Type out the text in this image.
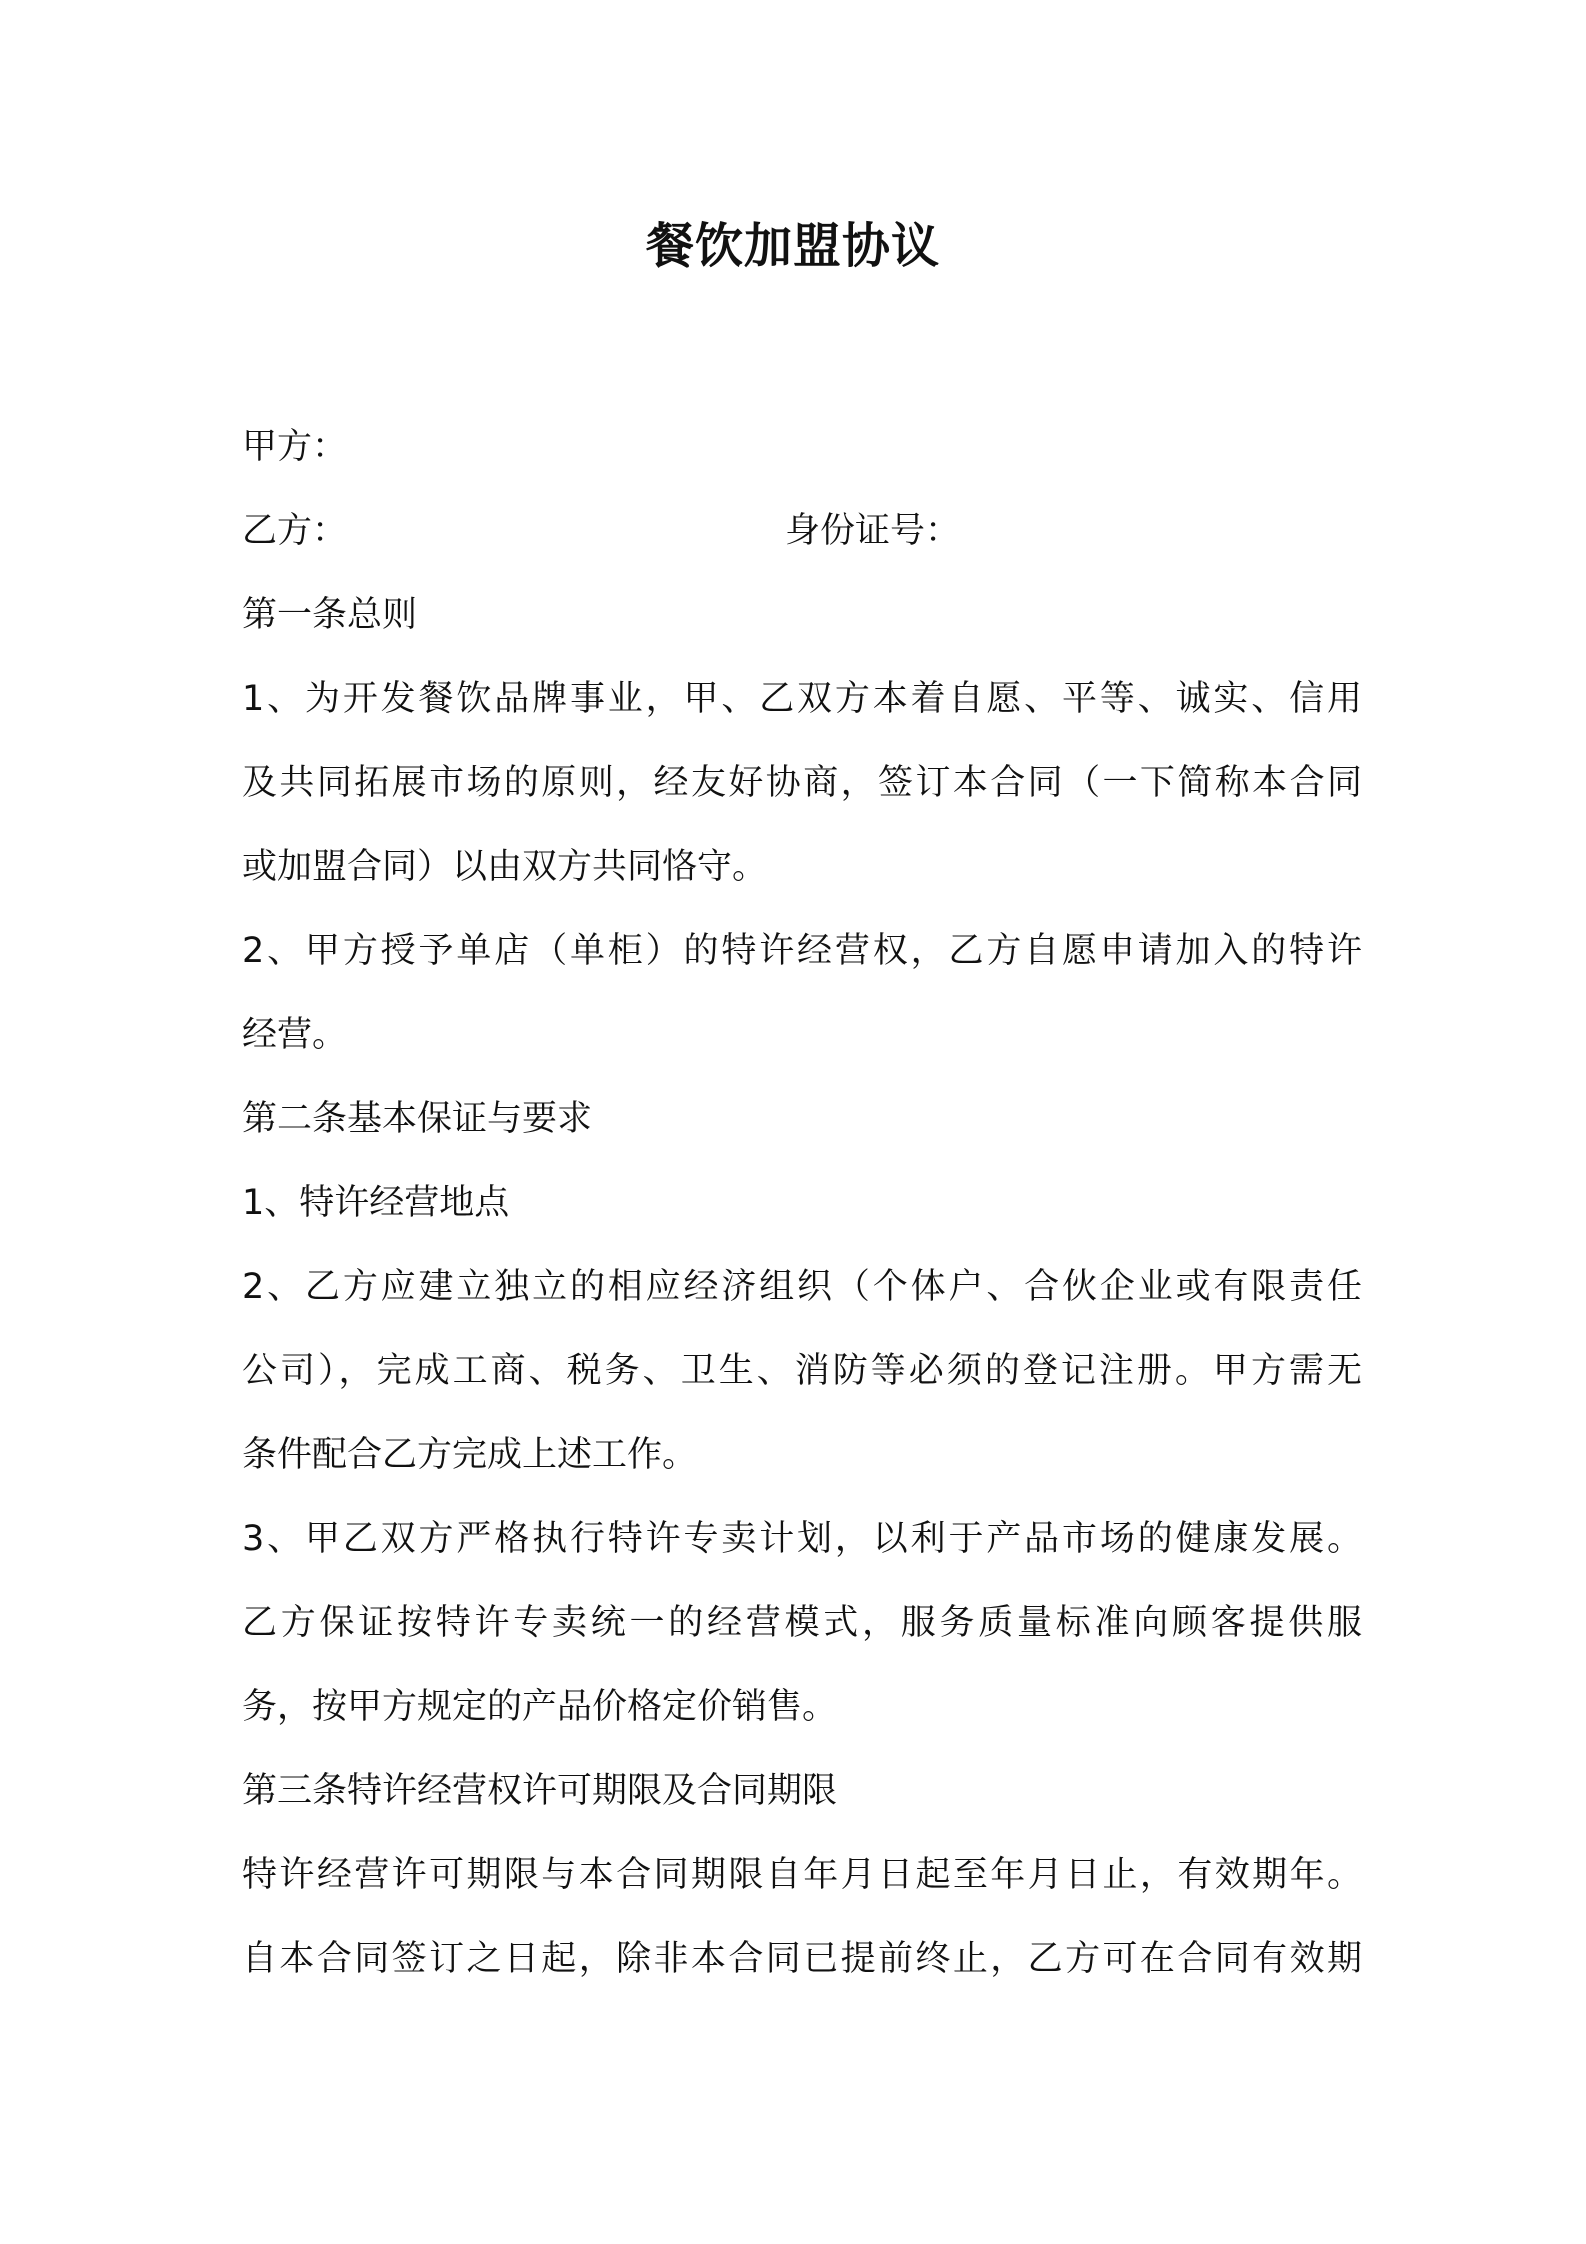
餐饮加盟协议
甲方：
乙方：	身份证号：
第一条总则
1、为开发餐饮品牌事业，甲、乙双方本着自愿、平等、诚实、信用
及共同拓展市场的原则，经友好协商，签订本合同（一下简称本合同
或加盟合同）以由双方共同恪守。
2、甲方授予单店（单柜）的特许经营权，乙方自愿申请加入的特许
经营。
第二条基本保证与要求
1、特许经营地点
2、乙方应建立独立的相应经济组织（个体户、合伙企业或有限责任
公司），完成工商、税务、卫生、消防等必须的登记注册。甲方需无
条件配合乙方完成上述工作。
3、甲乙双方严格执行特许专卖计划，以利于产品市场的健康发展。
乙方保证按特许专卖统一的经营模式，服务质量标准向顾客提供服
务，按甲方规定的产品价格定价销售。
第三条特许经营权许可期限及合同期限
特许经营许可期限与本合同期限自年月日起至年月日止，有效期年。
自本合同签订之日起，除非本合同已提前终止，乙方可在合同有效期
